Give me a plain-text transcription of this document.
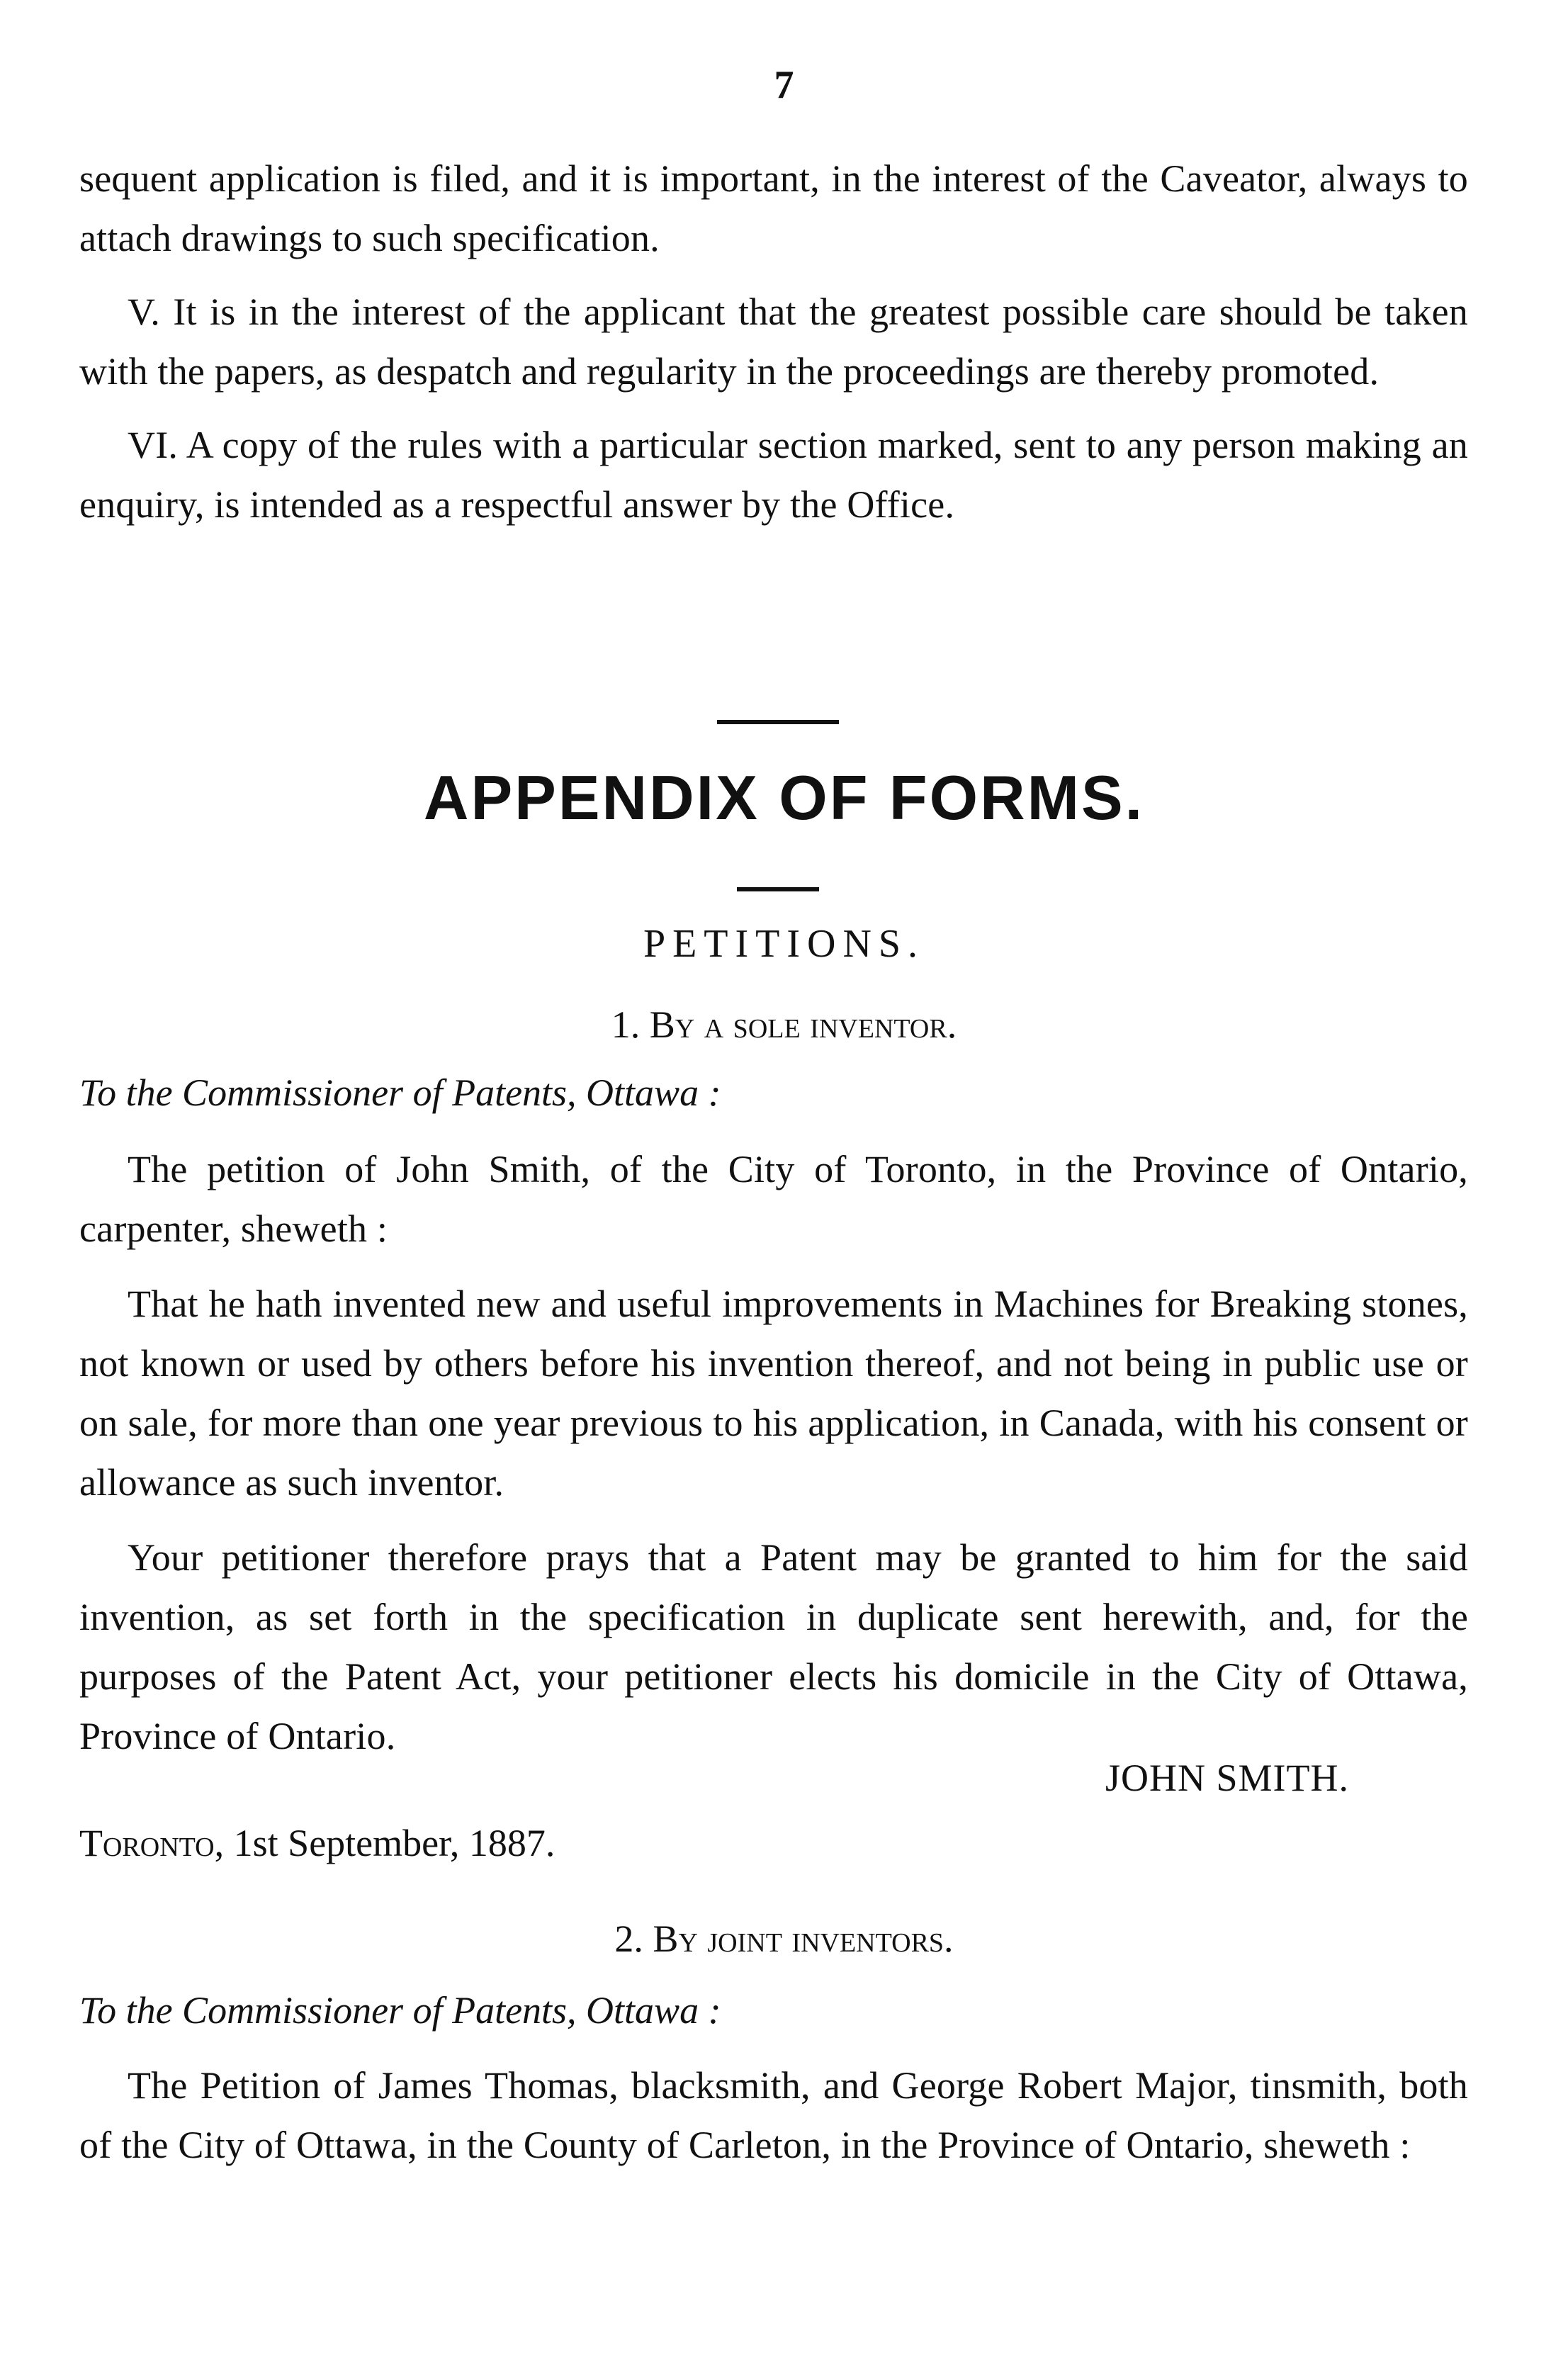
7

sequent application is filed, and it is important, in the interest of the Caveator, always to attach drawings to such specification.

V. It is in the interest of the applicant that the greatest possible care should be taken with the papers, as despatch and regularity in the proceedings are thereby promoted.

VI. A copy of the rules with a particular section marked, sent to any person making an enquiry, is intended as a respectful answer by the Office.

APPENDIX OF FORMS.
PETITIONS.
1. By a sole inventor.

To the Commissioner of Patents, Ottawa :

The petition of John Smith, of the City of Toronto, in the Province of Ontario, carpenter, sheweth :

That he hath invented new and useful improvements in Machines for Breaking stones, not known or used by others before his invention thereof, and not being in public use or on sale, for more than one year previous to his application, in Canada, with his consent or allowance as such inventor.

Your petitioner therefore prays that a Patent may be granted to him for the said invention, as set forth in the specification in duplicate sent herewith, and, for the purposes of the Patent Act, your petitioner elects his domicile in the City of Ottawa, Province of Ontario.

JOHN SMITH.

Toronto, 1st September, 1887.

2. By joint inventors.

To the Commissioner of Patents, Ottawa :

The Petition of James Thomas, blacksmith, and George Robert Major, tinsmith, both of the City of Ottawa, in the County of Carleton, in the Province of Ontario, sheweth :
